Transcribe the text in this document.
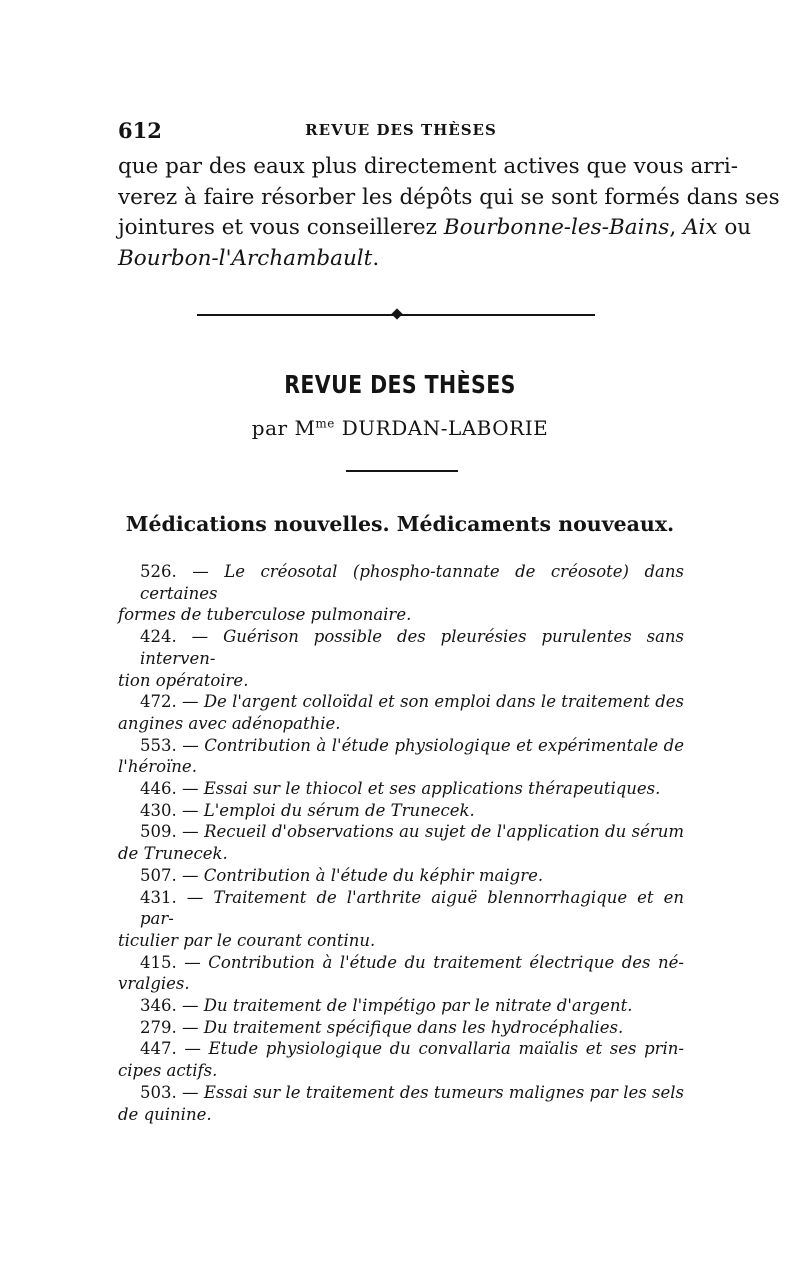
612	REVUE DES THÈSES
que par des eaux plus directement actives que vous arri-
verez à faire résorber les dépôts qui se sont formés dans ses
jointures et vous conseillerez Bourbonne-les-Bains, Aix ou
Bourbon-l'Archambault.
REVUE DES THÈSES
par $M^{me}$ DURDAN-LABORIE
Médications nouvelles. Médicaments nouveaux.
526. — Le créosotal (phospho-tannate de créosote) dans certaines
formes de tuberculose pulmonaire.
424. — Guérison possible des pleurésies purulentes sans interven-
tion opératoire.
472. — De l'argent colloïdal et son emploi dans le traitement des
angines avec adénopathie.
553. — Contribution à l'étude physiologique et expérimentale de
l'héroïne.
446. — Essai sur le thiocol et ses applications thérapeutiques.
430. — L'emploi du sérum de Trunecek.
509. — Recueil d'observations au sujet de l'application du sérum
de Trunecek.
507. — Contribution à l'étude du képhir maigre.
431. — Traitement de l'arthrite aiguë blennorrhagique et en par-
ticulier par le courant continu.
415. — Contribution à l'étude du traitement électrique des né-
vralgies.
346. — Du traitement de l'impétigo par le nitrate d'argent.
279. — Du traitement spécifique dans les hydrocéphalies.
447. — Etude physiologique du convallaria maïalis et ses prin-
cipes actifs.
503. — Essai sur le traitement des tumeurs malignes par les sels
de quinine.
